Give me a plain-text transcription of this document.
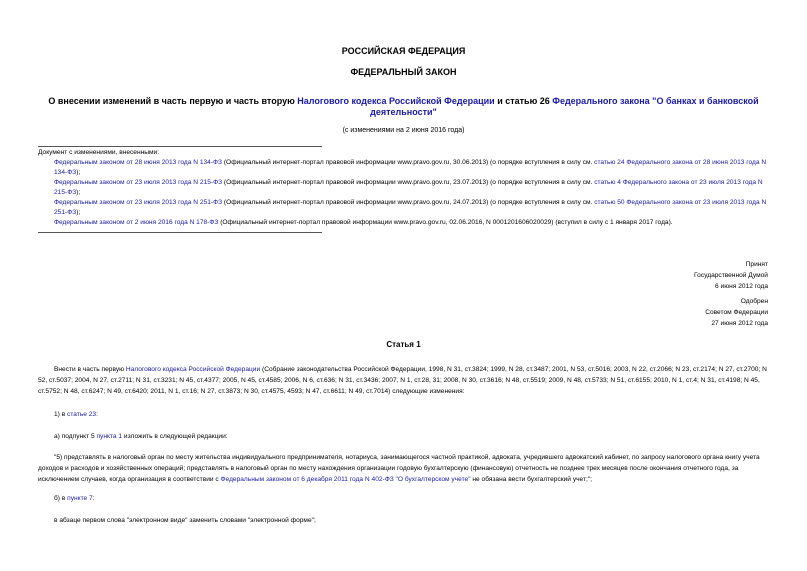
РОССИЙСКАЯ ФЕДЕРАЦИЯ
ФЕДЕРАЛЬНЫЙ ЗАКОН
О внесении изменений в часть первую и часть вторую Налогового кодекса Российской Федерации и статью 26 Федерального закона "О банках и банковской деятельности"
(с изменениями на 2 июня 2016 года)
Документ с изменениями, внесенными:
Федеральным законом от 28 июня 2013 года N 134-ФЗ (Официальный интернет-портал правовой информации www.pravo.gov.ru, 30.06.2013) (о порядке вступления в силу см. статью 24 Федерального закона от 28 июня 2013 года N 134-ФЗ);
Федеральным законом от 23 июля 2013 года N 215-ФЗ (Официальный интернет-портал правовой информации www.pravo.gov.ru, 23.07.2013) (о порядке вступления в силу см. статью 4 Федерального закона от 23 июля 2013 года N 215-ФЗ);
Федеральным законом от 23 июля 2013 года N 251-ФЗ (Официальный интернет-портал правовой информации www.pravo.gov.ru, 24.07.2013) (о порядке вступления в силу см. статью 50 Федерального закона от 23 июля 2013 года N 251-ФЗ);
Федеральным законом от 2 июня 2016 года N 178-ФЗ (Официальный интернет-портал правовой информации www.pravo.gov.ru, 02.06.2016, N 0001201606020029) (вступил в силу с 1 января 2017 года).
Принят
Государственной Думой
6 июня 2012 года
Одобрен
Советом Федерации
27 июня 2012 года
Статья 1

Внести в часть первую Налогового кодекса Российской Федерации (Собрание законодательства Российской Федерации, 1998, N 31, ст.3824; 1999, N 28, ст.3487; 2001, N 53, ст.5016; 2003, N 22, ст.2066; N 23, ст.2174; N 27, ст.2700; N 52, ст.5037; 2004, N 27, ст.2711; N 31, ст.3231; N 45, ст.4377; 2005, N 45, ст.4585; 2006, N 6, ст.636; N 31, ст.3436; 2007, N 1, ст.28, 31; 2008, N 30, ст.3616; N 48, ст.5519; 2009, N 48, ст.5733; N 51, ст.6155; 2010, N 1, ст.4; N 31, ст.4198; N 45, ст.5752; N 48, ст.6247; N 49, ст.6420; 2011, N 1, ст.16; N 27, ст.3873; N 30, ст.4575, 4593; N 47, ст.6611; N 49, ст.7014) следующие изменения:

1) в статье 23:

а) подпункт 5 пункта 1 изложить в следующей редакции:

"5) представлять в налоговый орган по месту жительства индивидуального предпринимателя, нотариуса, занимающегося частной практикой, адвоката, учредившего адвокатский кабинет, по запросу налогового органа книгу учета доходов и расходов и хозяйственных операций; представлять в налоговый орган по месту нахождения организации годовую бухгалтерскую (финансовую) отчетность не позднее трех месяцев после окончания отчетного года, за исключением случаев, когда организация в соответствии с Федеральным законом от 6 декабря 2011 года N 402-ФЗ "О бухгалтерском учете" не обязана вести бухгалтерский учет;";

б) в пункте 7:

в абзаце первом слова "электронном виде" заменить словами "электронной форме";
